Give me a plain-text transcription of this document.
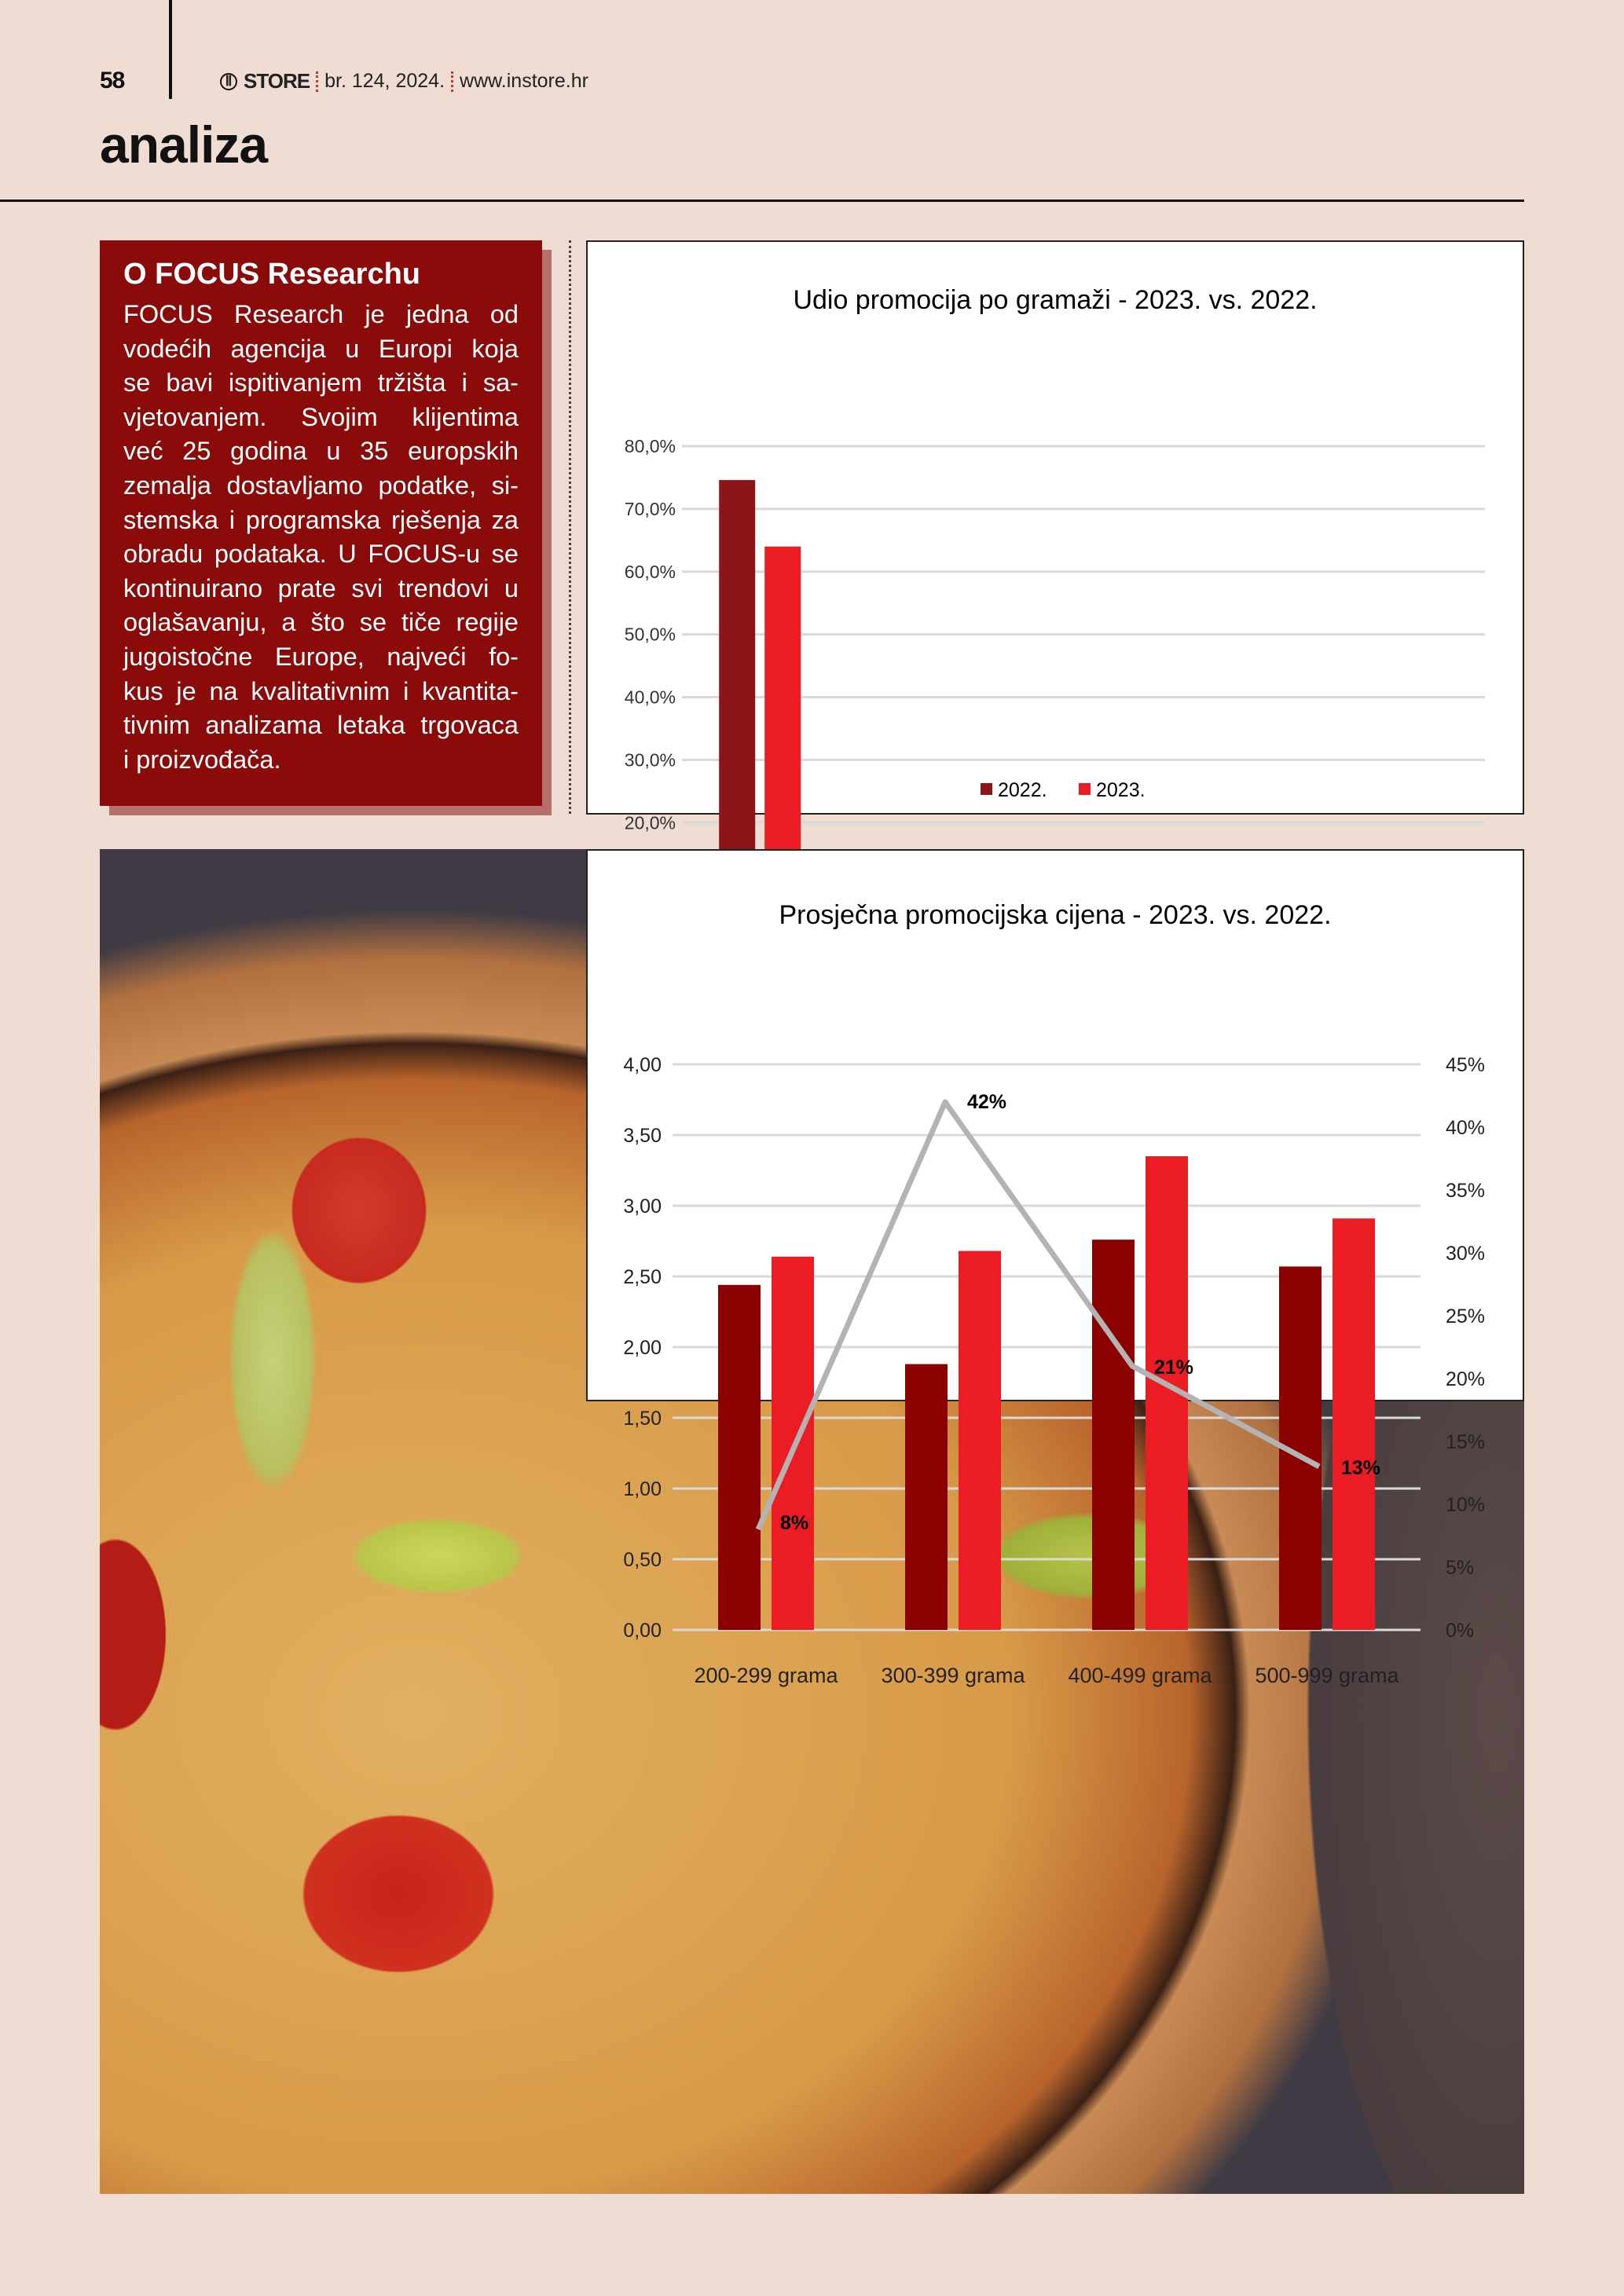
58	Ⅱ STORE br. 124, 2024. www.instore.hr
analiza
O FOCUS Researchu
FOCUS Research je jedna od
vodećih agencija u Europi koja
se bavi ispitivanjem tržišta i sa-
vjetovanjem. Svojim klijentima
već 25 godina u 35 europskih
zemalja dostavljamo podatke, si-
stemska i programska rješenja za
obradu podataka. U FOCUS-u se
kontinuirano prate svi trendovi u
oglašavanju, a što se tiče regije
jugoistočne Europe, najveći fo-
kus je na kvalitativnim i kvantita-
tivnim analizama letaka trgovaca
i proizvođača.
Udio promocija po gramaži - 2023. vs. 2022.
20,0%
30,0%
40,0%
50,0%
60,0%
70,0%
80,0%
2022. 2023.
Prosječna promocijska cijena - 2023. vs. 2022.
0,00
0,50
1,00
1,50
2,00
2,50
3,00
3,50
4,00
0%
5%
10%
15%
20%
25%
30%
35%
40%
45%
200-299 grama 300-399 grama 400-499 grama 500-999 grama
8%
42%
21%
13%
